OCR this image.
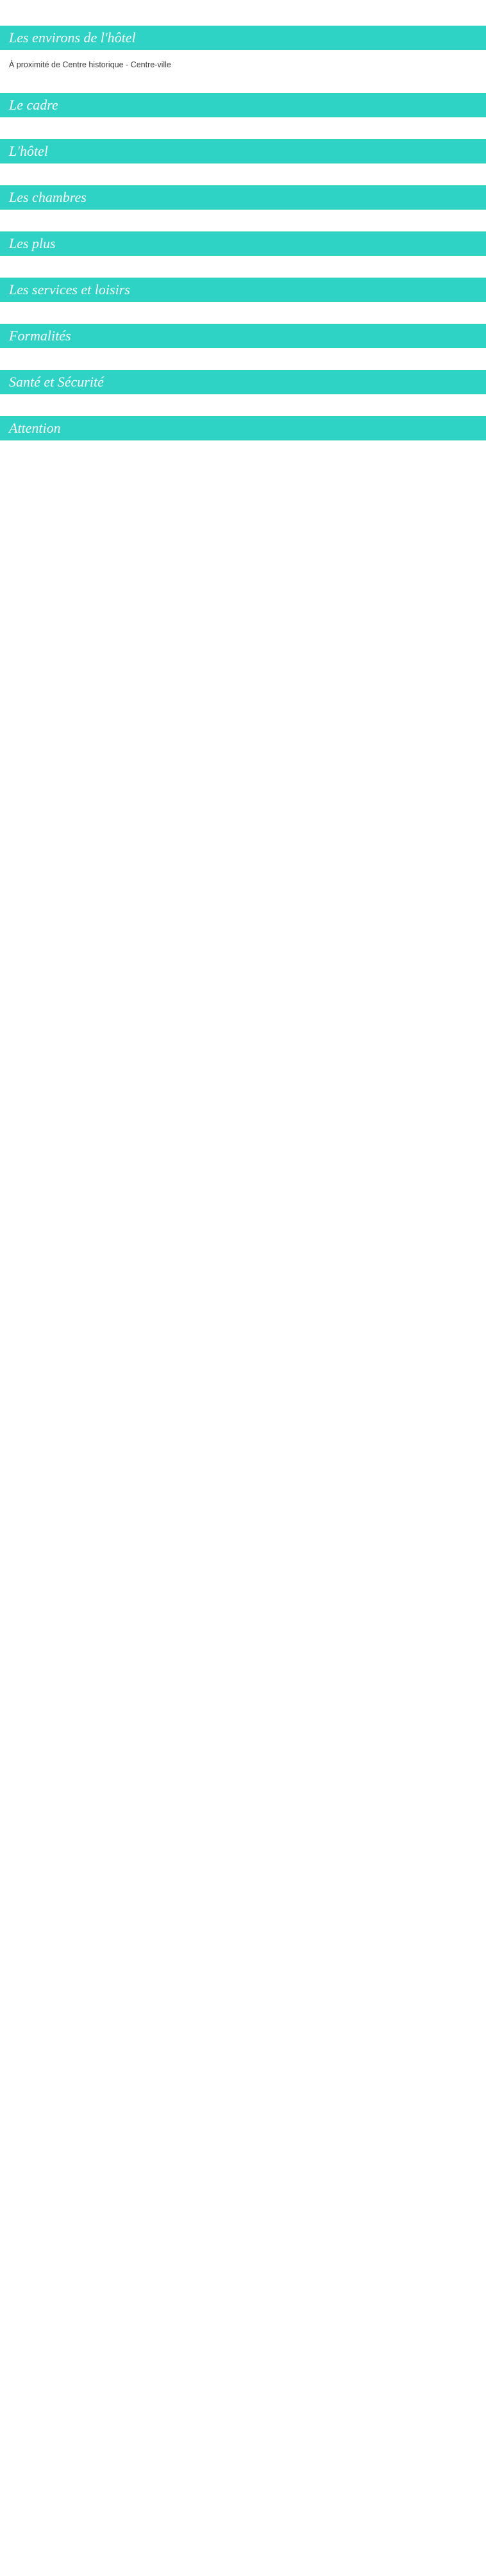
Les environs de l'hôtel

À proximité de Centre historique - Centre-ville

Le cadre

L'hôtel

Les chambres

Les plus

Les services et loisirs

Formalités

Santé et Sécurité

Attention
